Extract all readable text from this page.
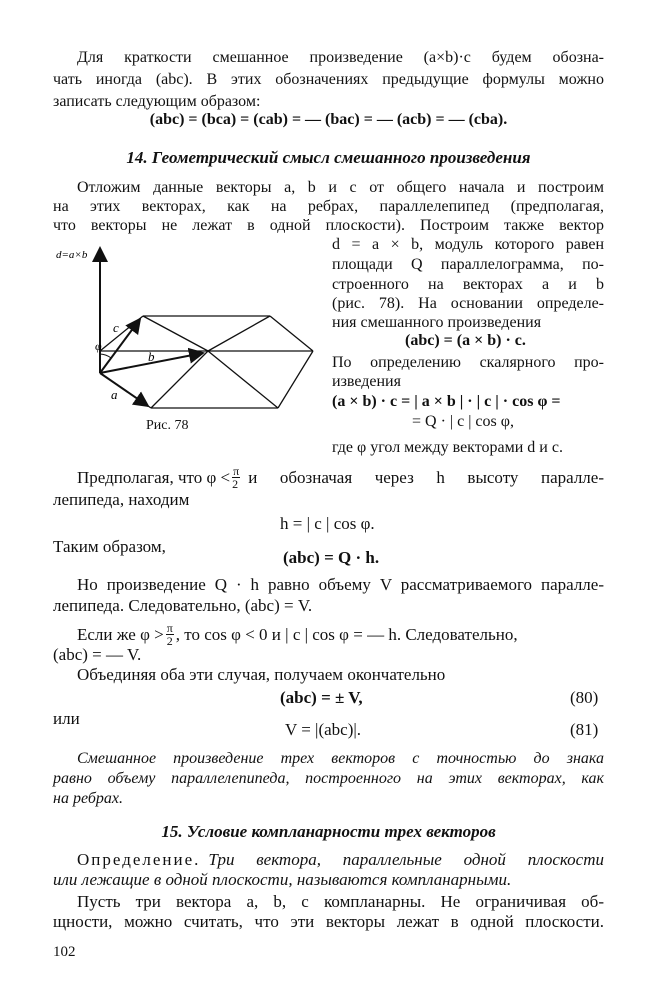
Для краткости смешанное произведение (a×b)·c будем обозна-

чать иногда (abc). В этих обозначениях предыдущие формулы можно

записать следующим образом:

(abc) = (bca) = (cab) = — (bac) = — (acb) = — (cba).

14. Геометрический смысл смешанного произведения

Отложим данные векторы a, b и c от общего начала и построим

на этих векторах, как на ребрах, параллелепипед (предполагая,

что векторы не лежат в одной плоскости). Построим также вектор

d=a×b
c
b
a
φ

Рис. 78

d = a × b, модуль которого равен

площади Q параллелограмма, по-

строенного на векторах a и b

(рис. 78). На основании определе-

ния смешанного произведения

(abc) = (a × b) · c.

По определению скалярного про-

изведения

(a × b) · c = | a × b | · | c | · cos φ =

= Q · | c | cos φ,

где φ угол между векторами d и c.

Предполагая, что $\varphi < \frac{\pi}{2}$ и обозначая через h высоту паралле-

лепипеда, находим

h = | c | cos φ.

Таким образом,

(abc) = Q · h.

Но произведение Q · h равно объему V рассматриваемого паралле-

лепипеда. Следовательно, (abc) = V.

Если же $\varphi > \frac{\pi}{2}$ , то cos φ < 0 и | c | cos φ = — h. Следовательно,

(abc) = — V.

Объединяя оба эти случая, получаем окончательно

(abc) = ± V,	(80)

или

V = |(abc)|.	(81)

Смешанное произведение трех векторов с точностью до знака

равно объему параллелепипеда, построенного на этих векторах, как

на ребрах.

15. Условие компланарности трех векторов

Определение. Три вектора, параллельные одной плоскости

или лежащие в одной плоскости, называются компланарными.

Пусть три вектора a, b, c компланарны. Не ограничивая об-

щности, можно считать, что эти векторы лежат в одной плоскости.

102
